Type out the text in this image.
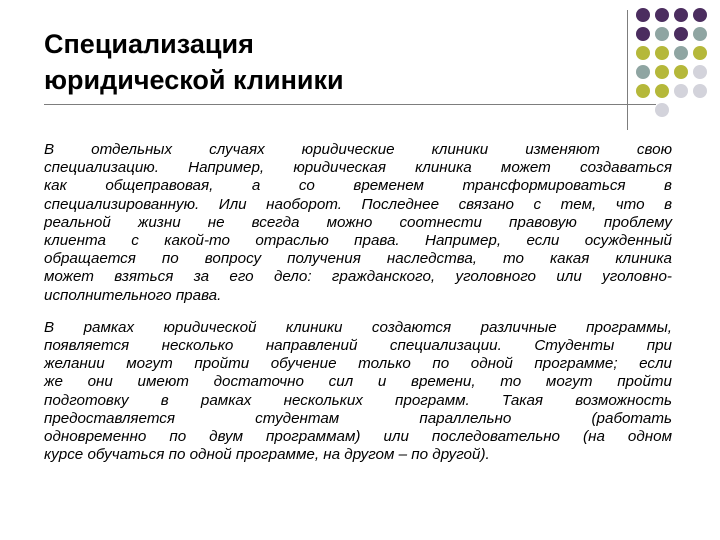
Специализация
юридической клиники

В отдельных случаях юридические клиники изменяют свою
специализацию. Например, юридическая клиника может создаваться
как общеправовая, а со временем трансформироваться в
специализированную. Или наоборот. Последнее связано с тем, что в
реальной жизни не всегда можно соотнести правовую проблему
клиента с какой-то отраслью права. Например, если осужденный
обращается по вопросу получения наследства, то какая клиника
может взяться за его дело: гражданского, уголовного или уголовно-
исполнительного права.

В рамках юридической клиники создаются различные программы,
появляется несколько направлений специализации. Студенты при
желании могут пройти обучение только по одной программе; если
же они имеют достаточно сил и времени, то могут пройти
подготовку в рамках нескольких программ. Такая возможность
предоставляется студентам параллельно (работать
одновременно по двум программам) или последовательно (на одном
курсе обучаться по одной программе, на другом – по другой).
